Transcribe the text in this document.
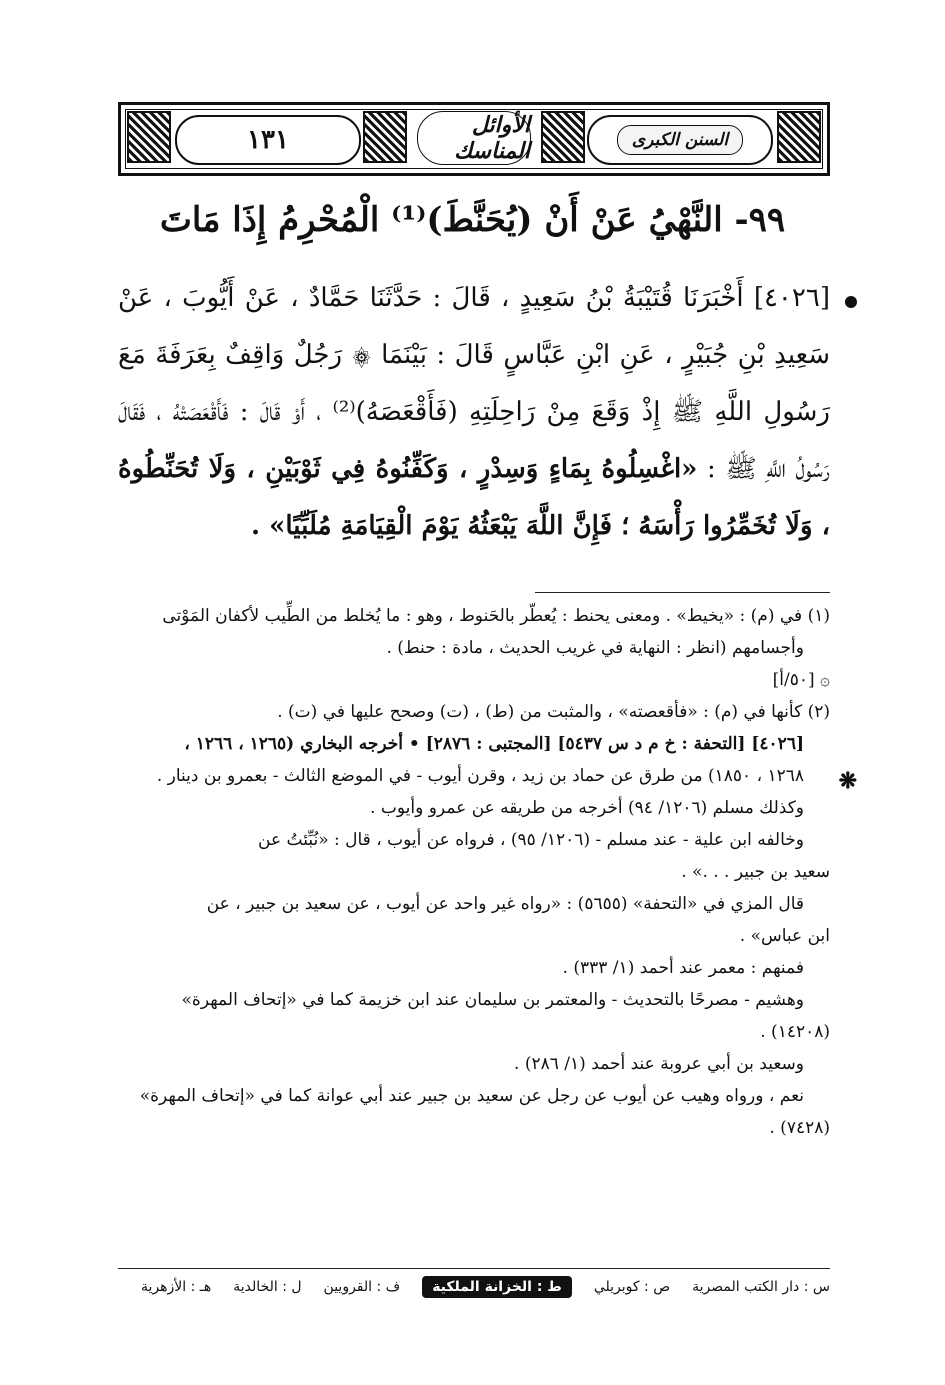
١٣١	السنن الكبرى
الأوائل المناسك
٩٩- النَّهْيُ عَنْ أَنْ (يُحَنَّطَ)⁽¹⁾ الْمُحْرِمُ إِذَا مَاتَ
[٤٠٢٦] أَخْبَرَنَا قُتَيْبَةُ بْنُ سَعِيدٍ ، قَالَ : حَدَّثَنَا حَمَّادٌ ، عَنْ أَيُّوبَ ، عَنْ سَعِيدِ بْنِ جُبَيْرٍ ، عَنِ ابْنِ عَبَّاسٍ قَالَ : بَيْنَمَا ۞ رَجُلٌ وَاقِفٌ بِعَرَفَةَ مَعَ رَسُولِ اللَّهِ ﷺ إِذْ وَقَعَ مِنْ رَاحِلَتِهِ (فَأَقْعَصَهُ)⁽²⁾ ، أَوْ قَالَ : فَأَقْعَصَتْهُ ، فَقَالَ رَسُولُ اللَّهِ ﷺ : «اغْسِلُوهُ بِمَاءٍ وَسِدْرٍ ، وَكَفِّنُوهُ فِي ثَوْبَيْنِ ، وَلَا تُحَنِّطُوهُ ، وَلَا تُخَمِّرُوا رَأْسَهُ ؛ فَإِنَّ اللَّهَ يَبْعَثُهُ يَوْمَ الْقِيَامَةِ مُلَبِّيًا» .
(١) في (م) : «يخيط» . ومعنى يحنط : يُعطّر بالحَنوط ، وهو : ما يُخلط من الطِّيب لأكفان المَوْتى
وأجسامهم (انظر : النهاية في غريب الحديث ، مادة : حنط) .
۞ [٥٠/أ]
(٢) كأنها في (م) : «فأقعصته» ، والمثبت من (ط) ، (ت) وصحح عليها في (ت) .
[٤٠٢٦] [التحفة : خ م د س ٥٤٣٧] [المجتبى : ٢٨٧٦] • أخرجه البخاري (١٢٦٥ ، ١٢٦٦ ،
١٢٦٨ ، ١٨٥٠) من طرق عن حماد بن زيد ، وقرن أيوب - في الموضع الثالث - بعمرو بن دينار .
وكذلك مسلم (١٢٠٦/ ٩٤) أخرجه من طريقه عن عمرو وأيوب .
وخالفه ابن علية - عند مسلم - (١٢٠٦/ ٩٥) ، فرواه عن أيوب ، قال : «نُبِّئتُ عن
سعيد بن جبير . . .» .
قال المزي في «التحفة» (٥٦٥٥) : «رواه غير واحد عن أيوب ، عن سعيد بن جبير ، عن
ابن عباس» .
فمنهم : معمر عند أحمد (١/ ٣٣٣) .
وهشيم - مصرحًا بالتحديث - والمعتمر بن سليمان عند ابن خزيمة كما في «إتحاف المهرة»
(١٤٢٠٨) .
وسعيد بن أبي عروبة عند أحمد (١/ ٢٨٦) .
نعم ، ورواه وهيب عن أيوب عن رجل عن سعيد بن جبير عند أبي عوانة كما في «إتحاف المهرة»
(٧٤٢٨) .
❋
س : دار الكتب المصرية
ص : كوبريلي
ط : الخزانة الملكية
ف : القرويين
ل : الخالدية
هـ : الأزهرية
